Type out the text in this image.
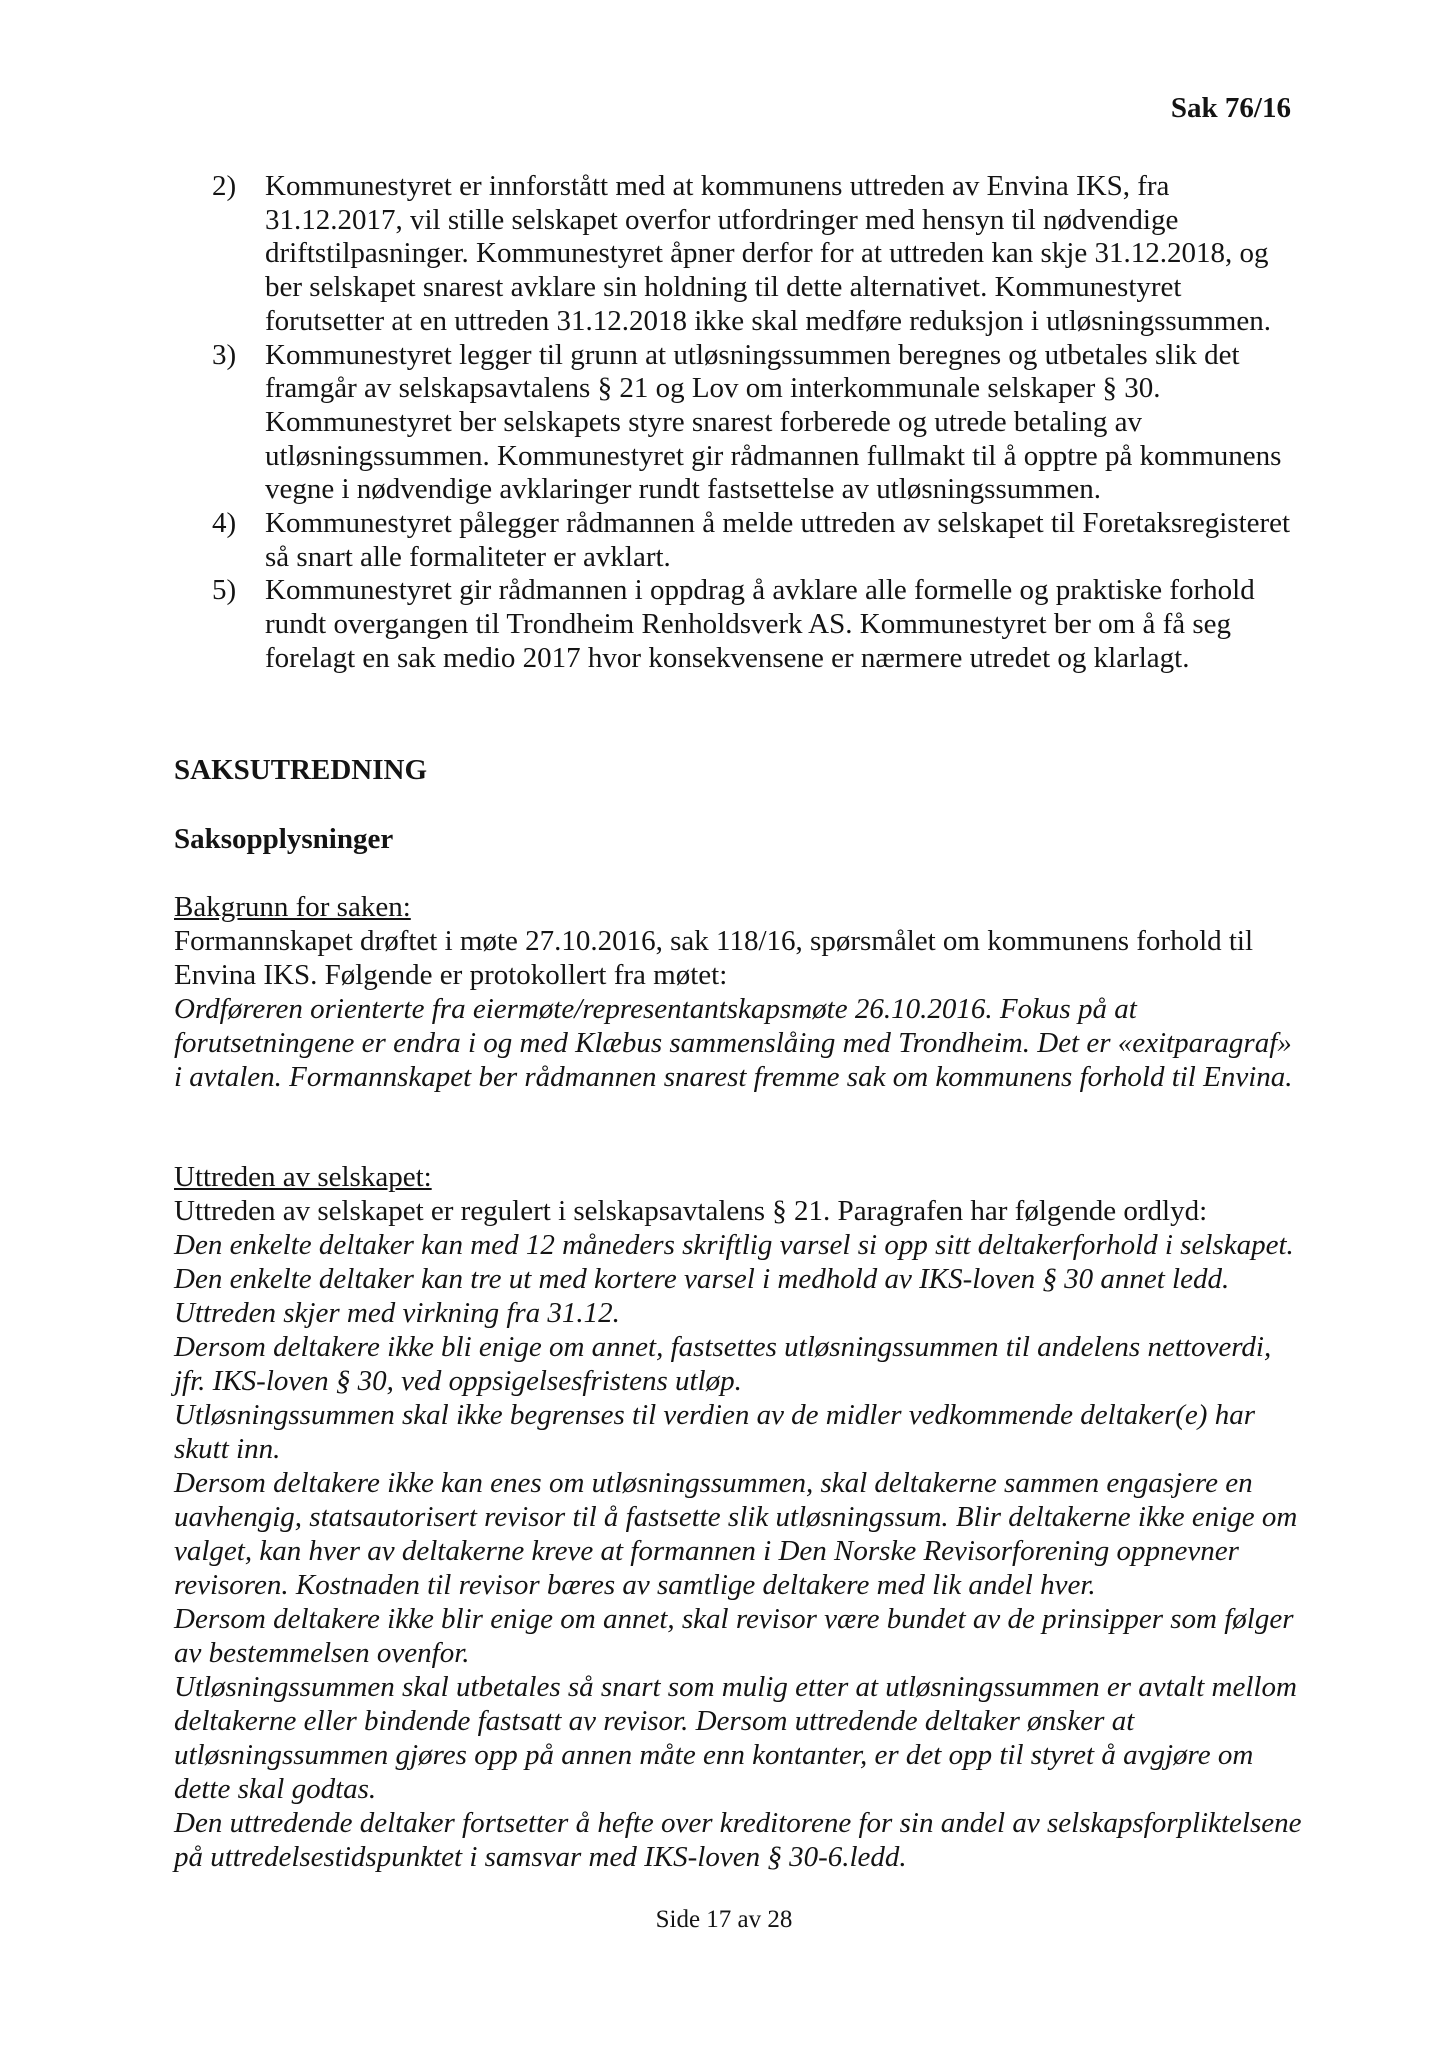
Sak 76/16
2) Kommunestyret er innforstått med at kommunens uttreden av Envina IKS, fra 31.12.2017, vil stille selskapet overfor utfordringer med hensyn til nødvendige driftstilpasninger. Kommunestyret åpner derfor for at uttreden kan skje 31.12.2018, og ber selskapet snarest avklare sin holdning til dette alternativet. Kommunestyret forutsetter at en uttreden 31.12.2018 ikke skal medføre reduksjon i utløsningssummen.
3) Kommunestyret legger til grunn at utløsningssummen beregnes og utbetales slik det framgår av selskapsavtalens § 21 og Lov om interkommunale selskaper § 30. Kommunestyret ber selskapets styre snarest forberede og utrede betaling av utløsningssummen. Kommunestyret gir rådmannen fullmakt til å opptre på kommunens vegne i nødvendige avklaringer rundt fastsettelse av utløsningssummen.
4) Kommunestyret pålegger rådmannen å melde uttreden av selskapet til Foretaksregisteret så snart alle formaliteter er avklart.
5) Kommunestyret gir rådmannen i oppdrag å avklare alle formelle og praktiske forhold rundt overgangen til Trondheim Renholdsverk AS. Kommunestyret ber om å få seg forelagt en sak medio 2017 hvor konsekvensene er nærmere utredet og klarlagt.
SAKSUTREDNING
Saksopplysninger
Bakgrunn for saken:
Formannskapet drøftet i møte 27.10.2016, sak 118/16, spørsmålet om kommunens forhold til Envina IKS. Følgende er protokollert fra møtet:
Ordføreren orienterte fra eiermøte/representantskapsmøte 26.10.2016. Fokus på at forutsetningene er endra i og med Klæbus sammenslåing med Trondheim. Det er «exitparagraf» i avtalen. Formannskapet ber rådmannen snarest fremme sak om kommunens forhold til Envina.
Uttreden av selskapet:
Uttreden av selskapet er regulert i selskapsavtalens § 21. Paragrafen har følgende ordlyd:
Den enkelte deltaker kan med 12 måneders skriftlig varsel si opp sitt deltakerforhold i selskapet. Den enkelte deltaker kan tre ut med kortere varsel i medhold av IKS-loven § 30 annet ledd. Uttreden skjer med virkning fra 31.12.
Dersom deltakere ikke bli enige om annet, fastsettes utløsningssummen til andelens nettoverdi, jfr. IKS-loven § 30, ved oppsigelsesfristens utløp.
Utløsningssummen skal ikke begrenses til verdien av de midler vedkommende deltaker(e) har skutt inn.
Dersom deltakere ikke kan enes om utløsningssummen, skal deltakerne sammen engasjere en uavhengig, statsautorisert revisor til å fastsette slik utløsningssum. Blir deltakerne ikke enige om valget, kan hver av deltakerne kreve at formannen i Den Norske Revisorforening oppnevner revisoren. Kostnaden til revisor bæres av samtlige deltakere med lik andel hver.
Dersom deltakere ikke blir enige om annet, skal revisor være bundet av de prinsipper som følger av bestemmelsen ovenfor.
Utløsningssummen skal utbetales så snart som mulig etter at utløsningssummen er avtalt mellom deltakerne eller bindende fastsatt av revisor. Dersom uttredende deltaker ønsker at utløsningssummen gjøres opp på annen måte enn kontanter, er det opp til styret å avgjøre om dette skal godtas.
Den uttredende deltaker fortsetter å hefte over kreditorene for sin andel av selskapsforpliktelsene på uttredelsestidspunktet i samsvar med IKS-loven § 30-6.ledd.
Side 17 av 28
